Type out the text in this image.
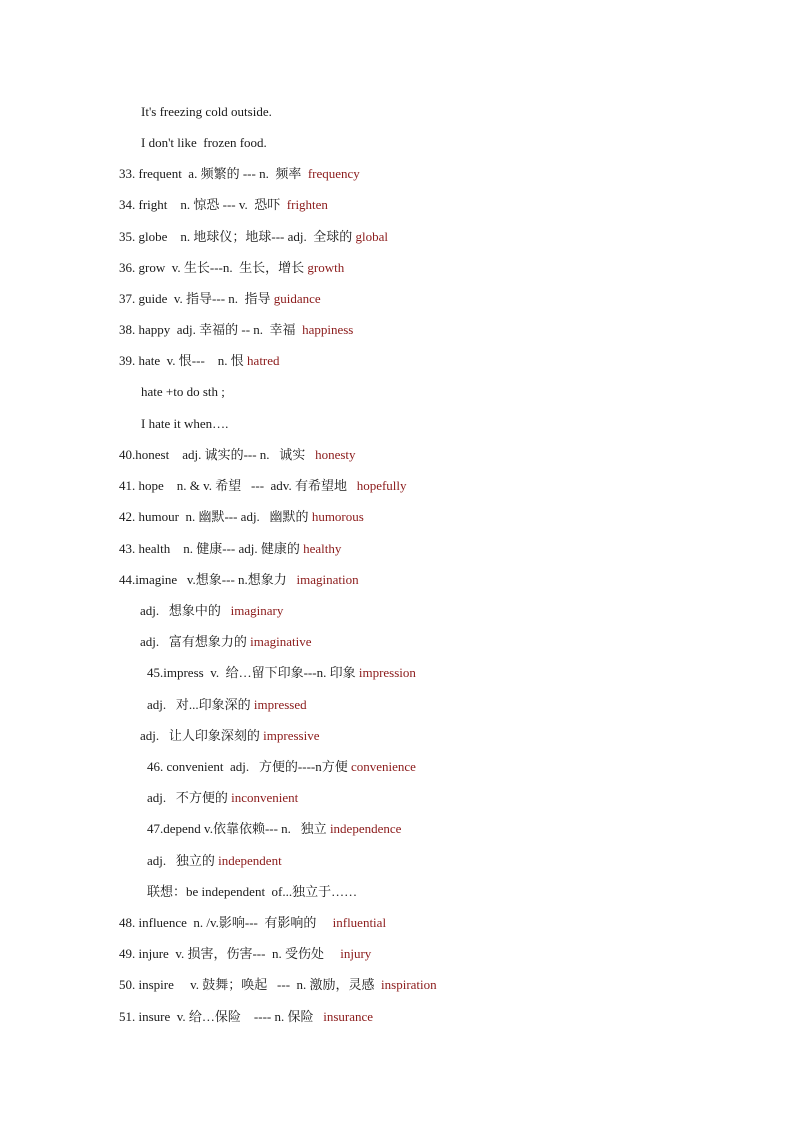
It's freezing cold outside.
I don't like  frozen food.
33. frequent  a. 频繁的 --- n.  频率  frequency
34. fright    n. 惊恐 --- v.  恐吓  frighten
35. globe    n. 地球仪；地球--- adj.  全球的 global
36. grow  v. 生长---n.  生长，增长 growth
37. guide  v. 指导--- n.  指导 guidance
38. happy  adj. 幸福的 -- n.  幸福  happiness
39. hate  v. 恨---    n. 恨 hatred
hate +to do sth ;
I hate it when….
40.honest    adj. 诚实的--- n.   诚实   honesty
41. hope    n. & v. 希望   ---  adv. 有希望地   hopefully
42. humour  n. 幽默--- adj.   幽默的 humorous
43. health    n. 健康--- adj. 健康的 healthy
44.imagine   v.想象--- n.想象力   imagination
adj.   想象中的   imaginary
adj.   富有想象力的 imaginative
45.impress  v.  给…留下印象---n. 印象 impression
adj.   对...印象深的 impressed
adj.   让人印象深刻的 impressive
46. convenient  adj.   方便的----n方便 convenience
adj.   不方便的 inconvenient
47.depend v.依靠依赖--- n.   独立 independence
adj.   独立的 independent
联想：be independent  of...独立于……
48. influence  n. /v.影响---  有影响的     influential
49. injure  v. 损害，伤害---  n. 受伤处     injury
50. inspire     v. 鼓舞；唤起   ---  n. 激励，灵感  inspiration
51. insure  v. 给…保险    ---- n. 保险   insurance
